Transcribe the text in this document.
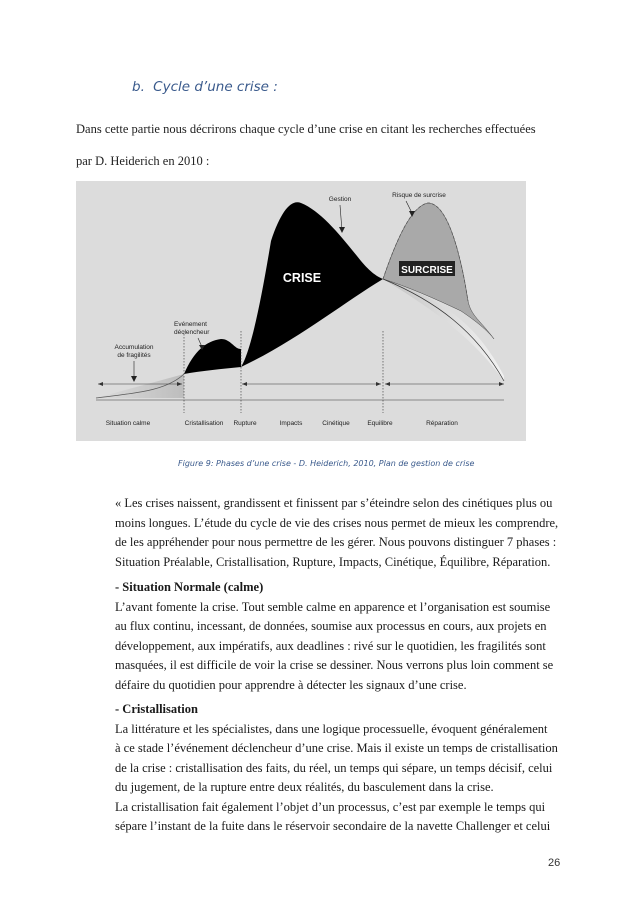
b. Cycle d’une crise :
Dans cette partie nous décrirons chaque cycle d’une crise en citant les recherches effectuées
par D. Heiderich en 2010 :
CRISE
SURCRISE
Gestion
Risque de surcrise
Evénement
déclencheur
Accumulation
de fragilités
Situation calme	Cristallisation Rupture	Impacts	Cinétique	Equilibre	Réparation
Figure 9: Phases d’une crise - D. Heiderich, 2010, Plan de gestion de crise

« Les crises naissent, grandissent et finissent par s’éteindre selon des cinétiques plus ou

moins longues. L’étude du cycle de vie des crises nous permet de mieux les comprendre,

de les appréhender pour nous permettre de les gérer. Nous pouvons distinguer 7 phases :

Situation Préalable, Cristallisation, Rupture, Impacts, Cinétique, Équilibre, Réparation.

- Situation Normale (calme)

L’avant fomente la crise. Tout semble calme en apparence et l’organisation est soumise

au flux continu, incessant, de données, soumise aux processus en cours, aux projets en

développement, aux impératifs, aux deadlines : rivé sur le quotidien, les fragilités sont

masquées, il est difficile de voir la crise se dessiner. Nous verrons plus loin comment se

défaire du quotidien pour apprendre à détecter les signaux d’une crise.

- Cristallisation

La littérature et les spécialistes, dans une logique processuelle, évoquent généralement

à ce stade l’événement déclencheur d’une crise. Mais il existe un temps de cristallisation

de la crise : cristallisation des faits, du réel, un temps qui sépare, un temps décisif, celui

du jugement, de la rupture entre deux réalités, du basculement dans la crise.

La cristallisation fait également l’objet d’un processus, c’est par exemple le temps qui

sépare l’instant de la fuite dans le réservoir secondaire de la navette Challenger et celui

26
